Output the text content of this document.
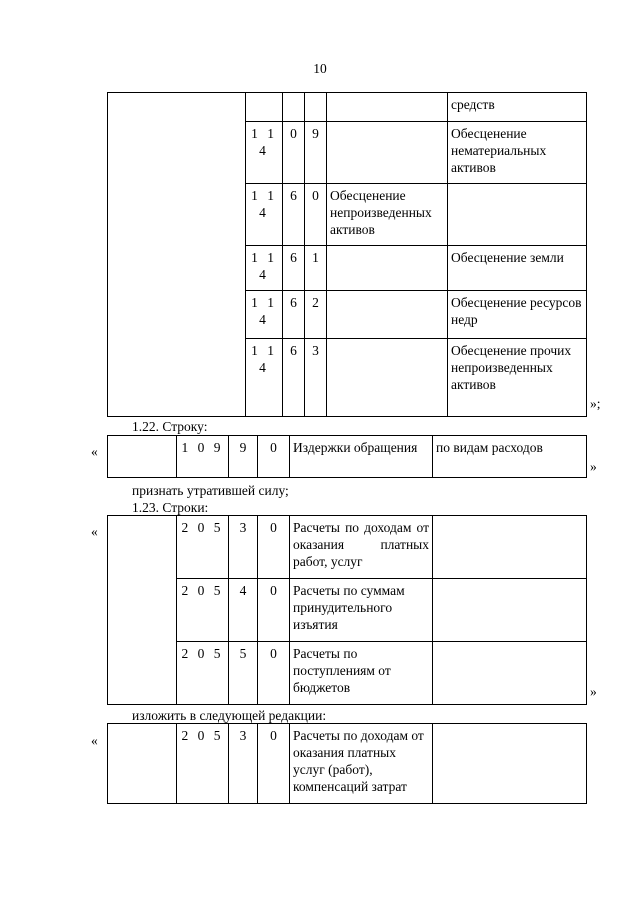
10
					средств
	1 1 4	0	9		Обесценение нематериальных активов
	1 1 4	6	0	Обесценение непроизведенных активов	
	1 1 4	6	1		Обесценение земли
	1 1 4	6	2		Обесценение ресурсов недр
	1 1 4	6	3		Обесценение прочих непроизведенных активов
»;
1.22. Строку:
«
		1 0 9	9	0	Издержки обращения	по видам расходов
»
признать утратившей силу;
1.23. Строки:
«
		2 0 5	3	0	Расчеты по доходам от оказания платных работ, услуг	
	2 0 5	4	0	Расчеты по суммам принудительного изъятия	
	2 0 5	5	0	Расчеты по поступлениям от бюджетов		»
изложить в следующей редакции:
«
		2 0 5	3	0	Расчеты по доходам от оказания платных услуг (работ), компенсаций затрат	
